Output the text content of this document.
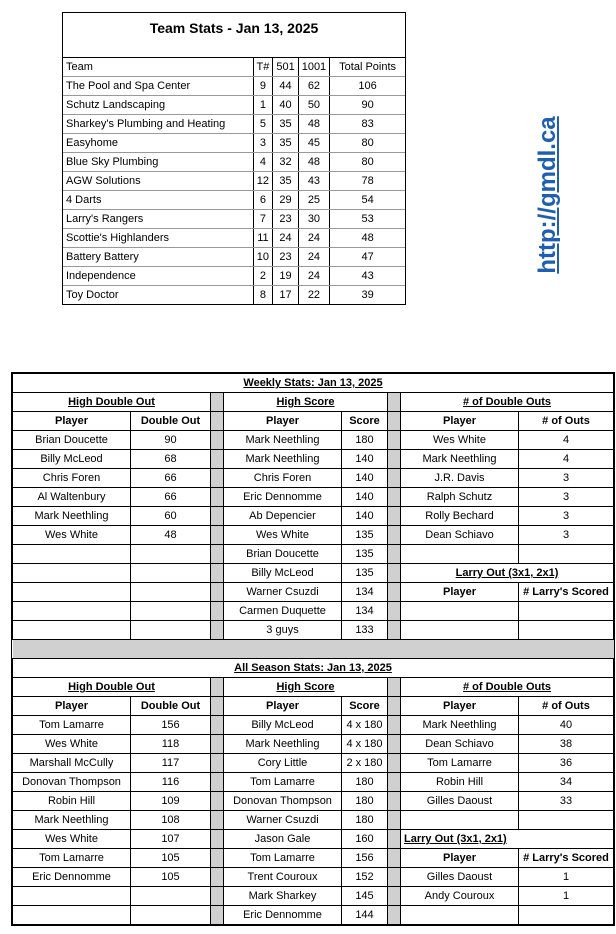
Team Stats - Jan 13, 2025
Team	T#	501	1001	Total Points
The Pool and Spa Center	9	44	62	106
Schutz Landscaping	1	40	50	90
Sharkey's Plumbing and Heating	5	35	48	83
Easyhome	3	35	45	80
Blue Sky Plumbing	4	32	48	80
AGW Solutions	12	35	43	78
4 Darts	6	29	25	54
Larry's Rangers	7	23	30	53
Scottie's Highlanders	11	24	24	48
Battery Battery	10	23	24	47
Independence	2	19	24	43
Toy Doctor	8	17	22	39
http://gmdl.ca
Weekly Stats: Jan 13, 2025							
High Double Out			High Score			# of Double Outs	
Player	Double Out		Player	Score		Player	# of Outs
Brian Doucette	90		Mark Neethling	180		Wes White	4
Billy McLeod	68		Mark Neethling	140		Mark Neethling	4
Chris Foren	66		Chris Foren	140		J.R. Davis	3
Al Waltenbury	66		Eric Dennomme	140		Ralph Schutz	3
Mark Neethling	60		Ab Depencier	140		Rolly Bechard	3
Wes White	48		Wes White	135		Dean Schiavo	3
			Brian Doucette	135			
			Billy McLeod	135		Larry Out (3x1, 2x1)	
			Warner Csuzdi	134		Player	# Larry's Scored
			Carmen Duquette	134			
			3 guys	133			

All Season Stats: Jan 13, 2025							
High Double Out			High Score			# of Double Outs	
Player	Double Out		Player	Score		Player	# of Outs
Tom Lamarre	156		Billy McLeod	4 x 180		Mark Neethling	40
Wes White	118		Mark Neethling	4 x 180		Dean Schiavo	38
Marshall McCully	117		Cory Little	2 x 180		Tom Lamarre	36
Donovan Thompson	116		Tom Lamarre	180		Robin Hill	34
Robin Hill	109		Donovan Thompson	180		Gilles Daoust	33
Mark Neethling	108		Warner Csuzdi	180			
Wes White	107		Jason Gale	160		Larry Out (3x1, 2x1)	
Tom Lamarre	105		Tom Lamarre	156		Player	# Larry's Scored
Eric Dennomme	105		Trent Couroux	152		Gilles Daoust	1
			Mark Sharkey	145		Andy Couroux	1
			Eric Dennomme	144			
